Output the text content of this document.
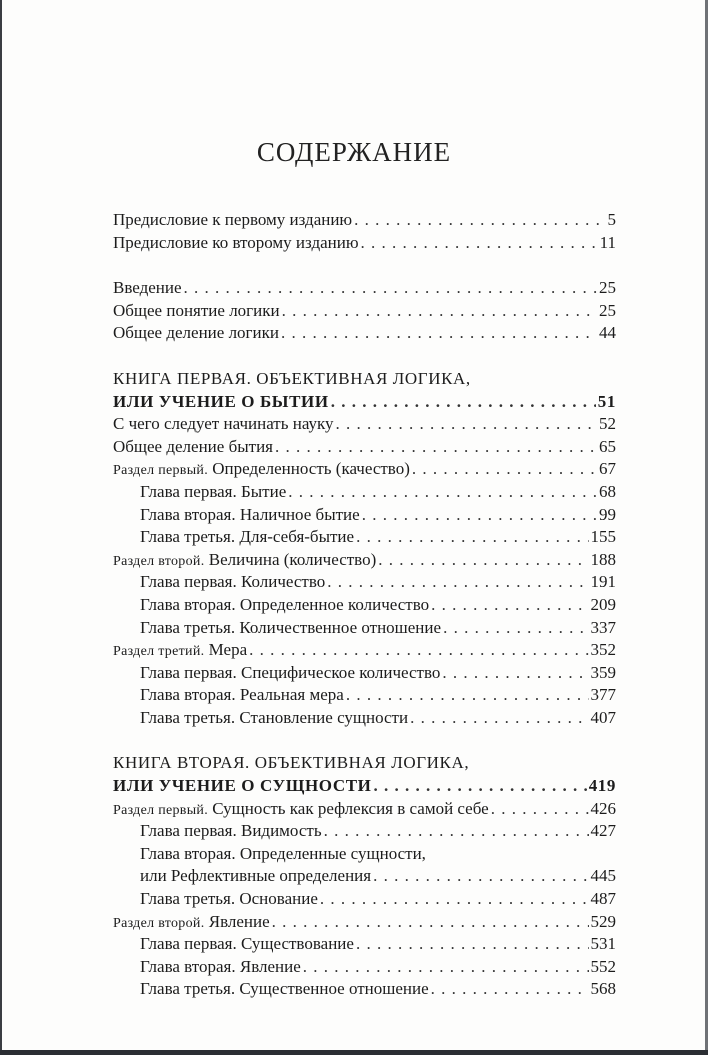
СОДЕРЖАНИЕ
Предисловие к первому изданию . . .	5
Предисловие ко второму изданию . . .	11
Введение . . .	25
Общее понятие логики . . .	25
Общее деление логики . . .	44
КНИГА ПЕРВАЯ. ОБЪЕКТИВНАЯ ЛОГИКА,
ИЛИ УЧЕНИЕ О БЫТИИ . . .	51
С чего следует начинать науку . . .	52
Общее деление бытия . . .	65
Раздел первый. Определенность (качество) . . .	67
Глава первая. Бытие . . .	68
Глава вторая. Наличное бытие . . .	99
Глава третья. Для-себя-бытие . . .	155
Раздел второй. Величина (количество) . . .	188
Глава первая. Количество . . .	191
Глава вторая. Определенное количество . . .	209
Глава третья. Количественное отношение . . .	337
Раздел третий. Мера . . .	352
Глава первая. Специфическое количество . . .	359
Глава вторая. Реальная мера . . .	377
Глава третья. Становление сущности . . .	407
КНИГА ВТОРАЯ. ОБЪЕКТИВНАЯ ЛОГИКА,
ИЛИ УЧЕНИЕ О СУЩНОСТИ . . .	419
Раздел первый. Сущность как рефлексия в самой себе . . .	426
Глава первая. Видимость . . .	427
Глава вторая. Определенные сущности,
или Рефлективные определения . . .	445
Глава третья. Основание . . .	487
Раздел второй. Явление . . .	529
Глава первая. Существование . . .	531
Глава вторая. Явление . . .	552
Глава третья. Существенное отношение . . .	568
